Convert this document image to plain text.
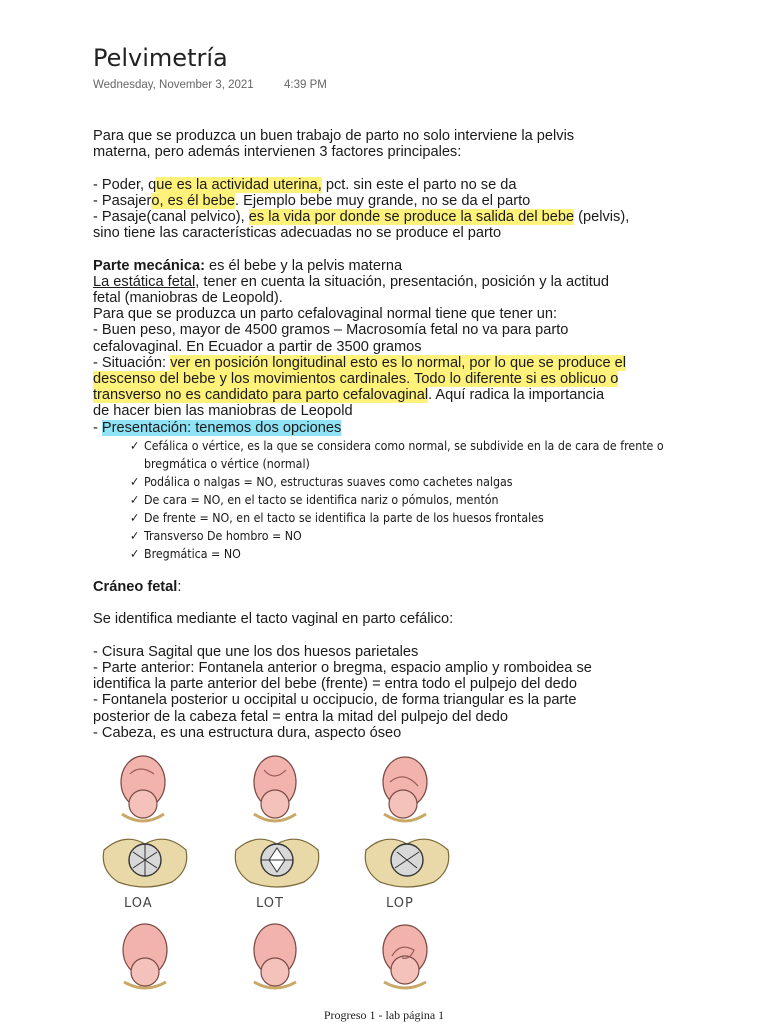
Pelvimetría
Wednesday, November 3, 2021	4:39 PM
Para que se produzca un buen trabajo de parto no solo interviene la pelvis
materna, pero además intervienen 3 factores principales:
- Poder, que es la actividad uterina, pct. sin este el parto no se da
- Pasajero, es él bebe. Ejemplo bebe muy grande, no se da el parto
- Pasaje(canal pelvico), es la vida por donde se produce la salida del bebe (pelvis),
sino tiene las características adecuadas no se produce el parto
Parte mecánica: es él bebe y la pelvis materna
La estática fetal, tener en cuenta la situación, presentación, posición y la actitud
fetal (maniobras de Leopold).
Para que se produzca un parto cefalovaginal normal tiene que tener un:
- Buen peso, mayor de 4500 gramos – Macrosomía fetal no va para parto
cefalovaginal. En Ecuador a partir de 3500 gramos
- Situación: ver en posición longitudinal esto es lo normal, por lo que se produce el
descenso del bebe y los movimientos cardinales. Todo lo diferente si es oblicuo o
transverso no es candidato para parto cefalovaginal. Aquí radica la importancia
de hacer bien las maniobras de Leopold
- Presentación: tenemos dos opciones
✓ Cefálica o vértice, es la que se considera como normal, se subdivide en la de cara de frente o
bregmática o vértice (normal)
✓ Podálica o nalgas = NO, estructuras suaves como cachetes nalgas
✓ De cara = NO, en el tacto se identifica nariz o pómulos, mentón
✓ De frente = NO, en el tacto se identifica la parte de los huesos frontales
✓ Transverso De hombro = NO
✓ Bregmática = NO
Cráneo fetal:
Se identifica mediante el tacto vaginal en parto cefálico:
- Cisura Sagital que une los dos huesos parietales
- Parte anterior: Fontanela anterior o bregma, espacio amplio y romboidea se
identifica la parte anterior del bebe (frente) = entra todo el pulpejo del dedo
- Fontanela posterior u occipital u occipucio, de forma triangular es la parte
posterior de la cabeza fetal = entra la mitad del pulpejo del dedo
- Cabeza, es una estructura dura, aspecto óseo
LOA	LOT	LOP
Progreso 1 - lab página 1
